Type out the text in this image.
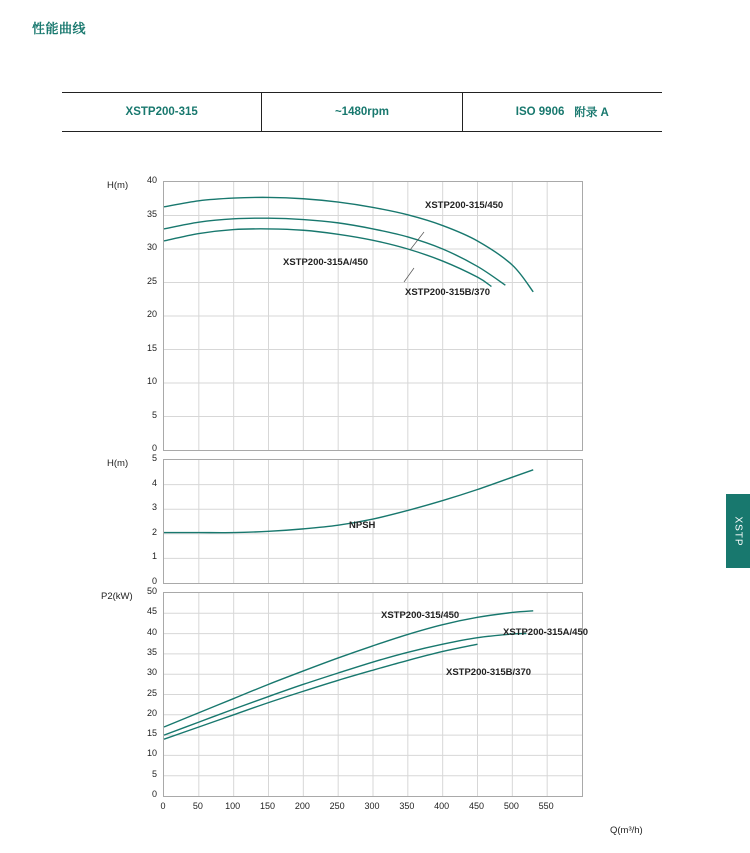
性能曲线
XSTP200-315	~1480rpm	ISO 9906 附录 A
XSTP
H(m)
XSTP200-315/450
XSTP200-315A/450
XSTP200-315B/370
H(m)
NPSH
P2(kW)
XSTP200-315/450
XSTP200-315A/450
XSTP200-315B/370
Q(m³/h)
0
5
10
15
20
25
30
35
40
0
1
2
3
4
5
0
5
10
15
20
25
30
35
40
45
50
0	50	100	150	200	250	300	350	400	450	500	550
